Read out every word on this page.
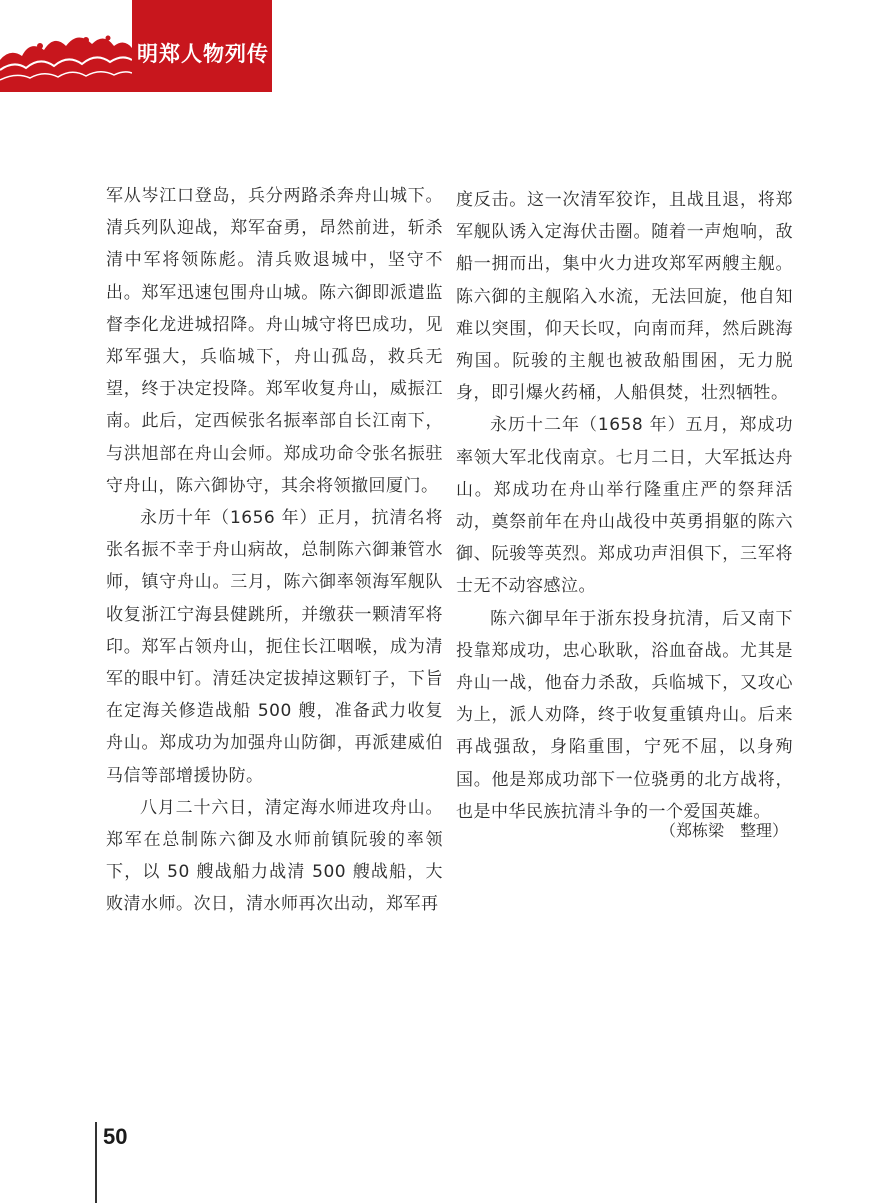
明郑人物列传

军从岑江口登岛，兵分两路杀奔舟山城下。清兵列队迎战，郑军奋勇，昂然前进，斩杀清中军将领陈彪。清兵败退城中，坚守不出。郑军迅速包围舟山城。陈六御即派遣监督李化龙进城招降。舟山城守将巴成功，见郑军强大，兵临城下，舟山孤岛，救兵无望，终于决定投降。郑军收复舟山，威振江南。此后，定西候张名振率部自长江南下，与洪旭部在舟山会师。郑成功命令张名振驻守舟山，陈六御协守，其余将领撤回厦门。

永历十年（1656 年）正月，抗清名将张名振不幸于舟山病故，总制陈六御兼管水师，镇守舟山。三月，陈六御率领海军舰队收复浙江宁海县健跳所，并缴获一颗清军将印。郑军占领舟山，扼住长江咽喉，成为清军的眼中钉。清廷决定拔掉这颗钉子，下旨在定海关修造战船 500 艘，准备武力收复舟山。郑成功为加强舟山防御，再派建威伯马信等部增援协防。

八月二十六日，清定海水师进攻舟山。郑军在总制陈六御及水师前镇阮骏的率领下，以 50 艘战船力战清 500 艘战船，大败清水师。次日，清水师再次出动，郑军再

度反击。这一次清军狡诈，且战且退，将郑军舰队诱入定海伏击圈。随着一声炮响，敌船一拥而出，集中火力进攻郑军两艘主舰。陈六御的主舰陷入水流，无法回旋，他自知难以突围，仰天长叹，向南而拜，然后跳海殉国。阮骏的主舰也被敌船围困，无力脱身，即引爆火药桶，人船俱焚，壮烈牺牲。

永历十二年（1658 年）五月，郑成功率领大军北伐南京。七月二日，大军抵达舟山。郑成功在舟山举行隆重庄严的祭拜活动，奠祭前年在舟山战役中英勇捐躯的陈六御、阮骏等英烈。郑成功声泪俱下，三军将士无不动容感泣。

陈六御早年于浙东投身抗清，后又南下投靠郑成功，忠心耿耿，浴血奋战。尤其是舟山一战，他奋力杀敌，兵临城下，又攻心为上，派人劝降，终于收复重镇舟山。后来再战强敌，身陷重围，宁死不屈，以身殉国。他是郑成功部下一位骁勇的北方战将，也是中华民族抗清斗争的一个爱国英雄。

（郑栋梁　整理）
50
